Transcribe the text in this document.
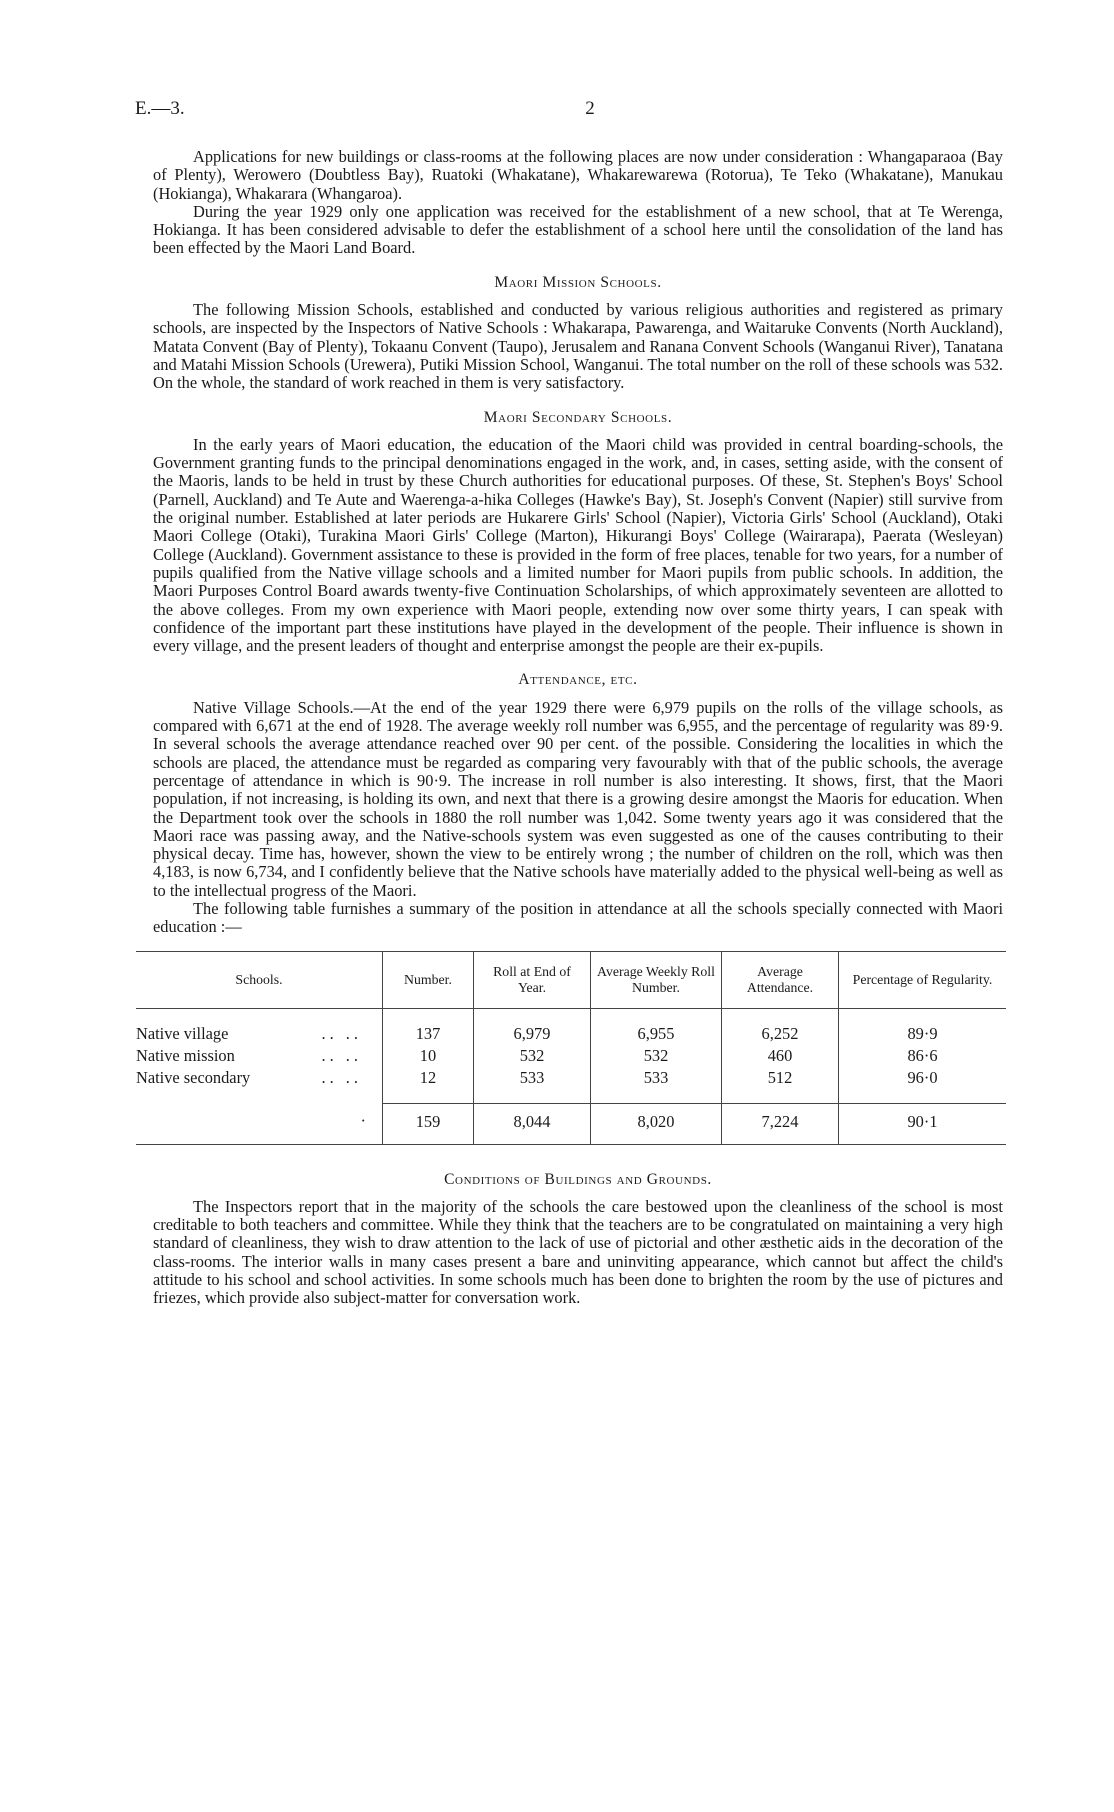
E.—3.	2

Applications for new buildings or class-rooms at the following places are now under consideration : Whangaparaoa (Bay of Plenty), Werowero (Doubtless Bay), Ruatoki (Whakatane), Whakarewarewa (Rotorua), Te Teko (Whakatane), Manukau (Hokianga), Whakarara (Whangaroa).

During the year 1929 only one application was received for the establishment of a new school, that at Te Werenga, Hokianga. It has been considered advisable to defer the establishment of a school here until the consolidation of the land has been effected by the Maori Land Board.

Maori Mission Schools.

The following Mission Schools, established and conducted by various religious authorities and registered as primary schools, are inspected by the Inspectors of Native Schools : Whakarapa, Pawarenga, and Waitaruke Convents (North Auckland), Matata Convent (Bay of Plenty), Tokaanu Convent (Taupo), Jerusalem and Ranana Convent Schools (Wanganui River), Tanatana and Matahi Mission Schools (Urewera), Putiki Mission School, Wanganui. The total number on the roll of these schools was 532. On the whole, the standard of work reached in them is very satisfactory.

Maori Secondary Schools.

In the early years of Maori education, the education of the Maori child was provided in central boarding-schools, the Government granting funds to the principal denominations engaged in the work, and, in cases, setting aside, with the consent of the Maoris, lands to be held in trust by these Church authorities for educational purposes. Of these, St. Stephen's Boys' School (Parnell, Auckland) and Te Aute and Waerenga-a-hika Colleges (Hawke's Bay), St. Joseph's Convent (Napier) still survive from the original number. Established at later periods are Hukarere Girls' School (Napier), Victoria Girls' School (Auckland), Otaki Maori College (Otaki), Turakina Maori Girls' College (Marton), Hikurangi Boys' College (Wairarapa), Paerata (Wesleyan) College (Auckland). Government assistance to these is provided in the form of free places, tenable for two years, for a number of pupils qualified from the Native village schools and a limited number for Maori pupils from public schools. In addition, the Maori Purposes Control Board awards twenty-five Continuation Scholarships, of which approximately seventeen are allotted to the above colleges. From my own experience with Maori people, extending now over some thirty years, I can speak with confidence of the important part these institutions have played in the development of the people. Their influence is shown in every village, and the present leaders of thought and enterprise amongst the people are their ex-pupils.

Attendance, etc.

Native Village Schools.—At the end of the year 1929 there were 6,979 pupils on the rolls of the village schools, as compared with 6,671 at the end of 1928. The average weekly roll number was 6,955, and the percentage of regularity was 89·9. In several schools the average attendance reached over 90 per cent. of the possible. Considering the localities in which the schools are placed, the attendance must be regarded as comparing very favourably with that of the public schools, the average percentage of attendance in which is 90·9. The increase in roll number is also interesting. It shows, first, that the Maori population, if not increasing, is holding its own, and next that there is a growing desire amongst the Maoris for education. When the Department took over the schools in 1880 the roll number was 1,042. Some twenty years ago it was considered that the Maori race was passing away, and the Native-schools system was even suggested as one of the causes contributing to their physical decay. Time has, however, shown the view to be entirely wrong ; the number of children on the roll, which was then 4,183, is now 6,734, and I confidently believe that the Native schools have materially added to the physical well-being as well as to the intellectual progress of the Maori.

The following table furnishes a summary of the position in attendance at all the schools specially connected with Maori education :—

Schools.	Number.	Roll at End of Year.	Average Weekly Roll Number.	Average Attendance.	Percentage of Regularity.

Native village .. ..	137	6,979	6,955	6,252	89·9

Native mission .. ..	10	532	532	460	86·6

Native secondary .. ..	12	533	533	512	96·0

·	159	8,044	8,020	7,224	90·1
Conditions of Buildings and Grounds.

The Inspectors report that in the majority of the schools the care bestowed upon the cleanliness of the school is most creditable to both teachers and committee. While they think that the teachers are to be congratulated on maintaining a very high standard of cleanliness, they wish to draw attention to the lack of use of pictorial and other æsthetic aids in the decoration of the class-rooms. The interior walls in many cases present a bare and uninviting appearance, which cannot but affect the child's attitude to his school and school activities. In some schools much has been done to brighten the room by the use of pictures and friezes, which provide also subject-matter for conversation work.
